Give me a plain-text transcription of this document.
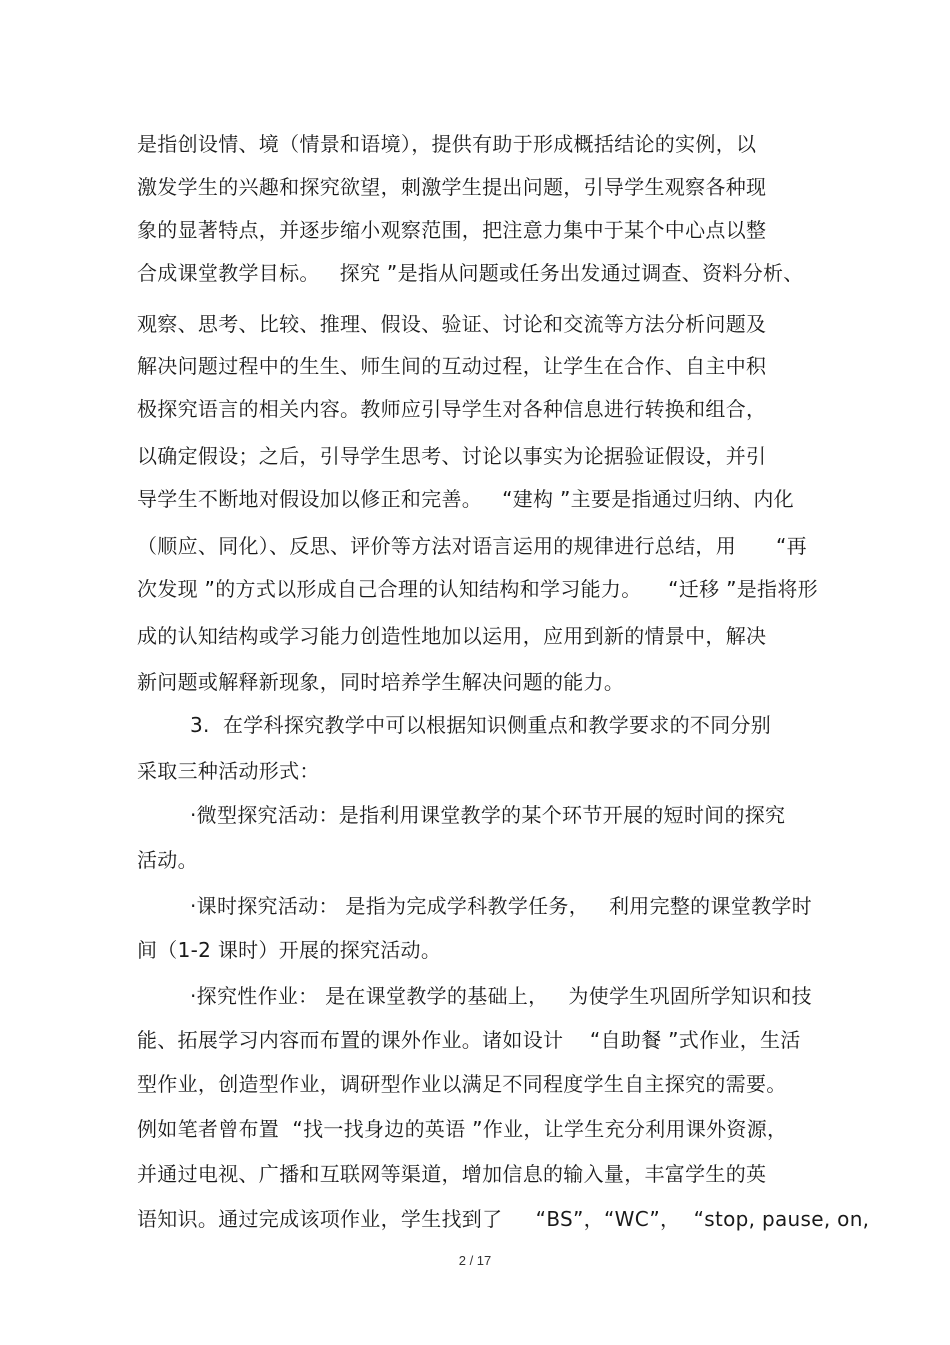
是指创设情、境（情景和语境），提供有助于形成概括结论的实例，以
激发学生的兴趣和探究欲望，刺激学生提出问题，引导学生观察各种现
象的显著特点，并逐步缩小观察范围，把注意力集中于某个中心点以整
合成课堂教学目标。   探究 ”是指从问题或任务出发通过调查、资料分析、
观察、思考、比较、推理、假设、验证、讨论和交流等方法分析问题及
解决问题过程中的生生、师生间的互动过程，让学生在合作、自主中积
极探究语言的相关内容。教师应引导学生对各种信息进行转换和组合，
以确定假设；之后，引导学生思考、讨论以事实为论据验证假设，并引
导学生不断地对假设加以修正和完善。   “建构 ”主要是指通过归纳、内化
（顺应、同化）、反思、评价等方法对语言运用的规律进行总结，用      “再
次发现 ”的方式以形成自己合理的认知结构和学习能力。    “迁移 ”是指将形
成的认知结构或学习能力创造性地加以运用，应用到新的情景中，解决
新问题或解释新现象，同时培养学生解决问题的能力。
3.  在学科探究教学中可以根据知识侧重点和教学要求的不同分别
采取三种活动形式：
·微型探究活动：是指利用课堂教学的某个环节开展的短时间的探究
活动。
·课时探究活动： 是指为完成学科教学任务，   利用完整的课堂教学时
间（1-2 课时）开展的探究活动。
·探究性作业： 是在课堂教学的基础上，   为使学生巩固所学知识和技
能、拓展学习内容而布置的课外作业。诸如设计    “自助餐 ”式作业，生活
型作业，创造型作业，调研型作业以满足不同程度学生自主探究的需要。
例如笔者曾布置  “找一找身边的英语 ”作业，让学生充分利用课外资源，
并通过电视、广播和互联网等渠道，增加信息的输入量，丰富学生的英
语知识。通过完成该项作业，学生找到了     “BS”，“WC”，  “stop, pause, on,
2 / 17
